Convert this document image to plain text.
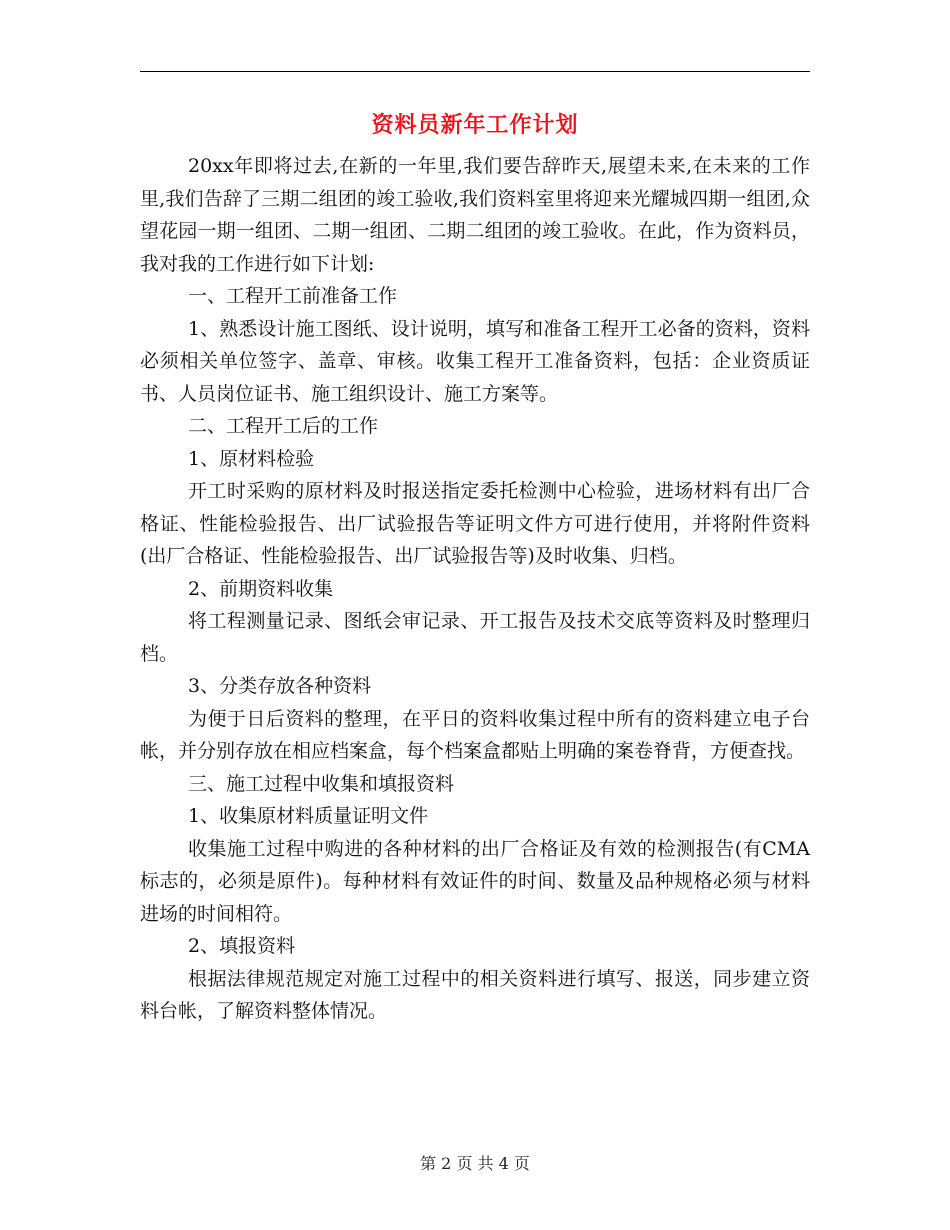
资料员新年工作计划

20xx年即将过去,在新的一年里,我们要告辞昨天,展望未来,在未来的工作里,我们告辞了三期二组团的竣工验收,我们资料室里将迎来光耀城四期一组团,众望花园一期一组团、二期一组团、二期二组团的竣工验收。在此，作为资料员，我对我的工作进行如下计划:

一、工程开工前准备工作

1、熟悉设计施工图纸、设计说明，填写和准备工程开工必备的资料，资料必须相关单位签字、盖章、审核。收集工程开工准备资料，包括：企业资质证书、人员岗位证书、施工组织设计、施工方案等。

二、工程开工后的工作

1、原材料检验

开工时采购的原材料及时报送指定委托检测中心检验，进场材料有出厂合格证、性能检验报告、出厂试验报告等证明文件方可进行使用，并将附件资料(出厂合格证、性能检验报告、出厂试验报告等)及时收集、归档。

2、前期资料收集

将工程测量记录、图纸会审记录、开工报告及技术交底等资料及时整理归档。

3、分类存放各种资料

为便于日后资料的整理，在平日的资料收集过程中所有的资料建立电子台帐，并分别存放在相应档案盒，每个档案盒都贴上明确的案卷脊背，方便查找。

三、施工过程中收集和填报资料

1、收集原材料质量证明文件

收集施工过程中购进的各种材料的出厂合格证及有效的检测报告(有CMA标志的，必须是原件)。每种材料有效证件的时间、数量及品种规格必须与材料进场的时间相符。

2、填报资料

根据法律规范规定对施工过程中的相关资料进行填写、报送，同步建立资料台帐，了解资料整体情况。

第 2 页 共 4 页
